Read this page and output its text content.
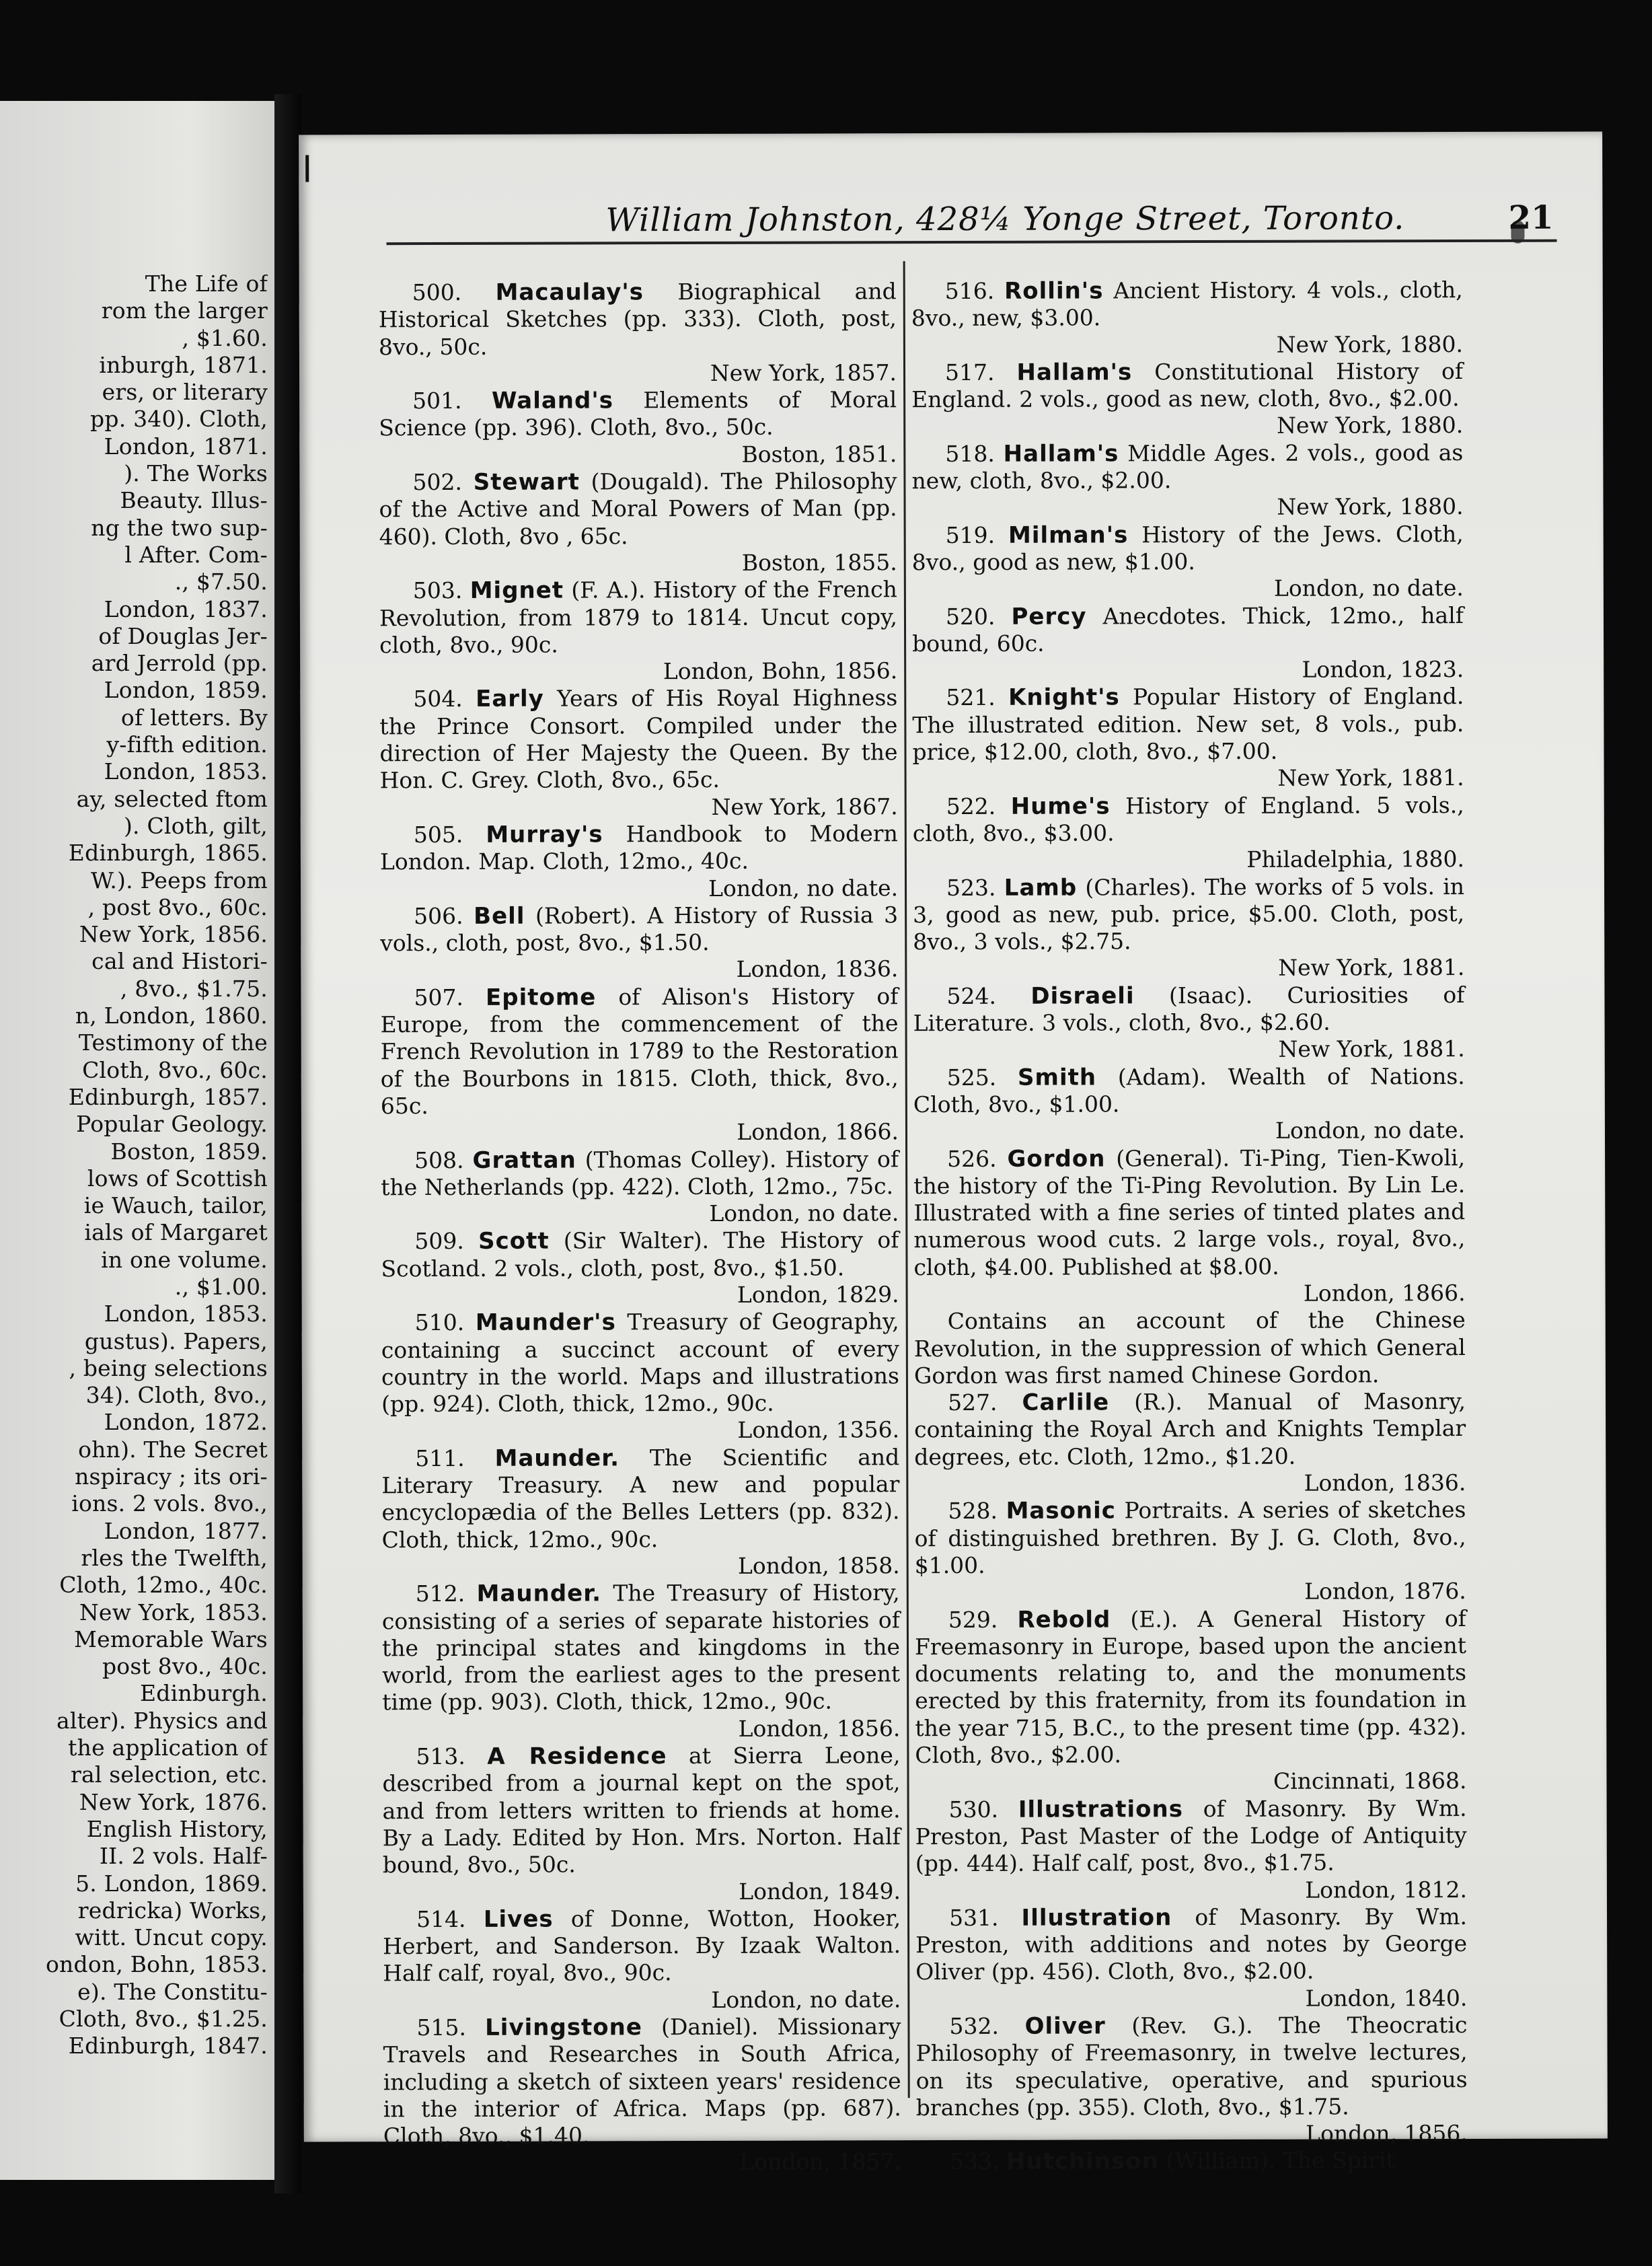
The Life of
rom the larger
, $1.60.
inburgh, 1871.
ers, or literary
pp. 340). Cloth,
London, 1871.
). The Works
Beauty. Illus-
ng the two sup-
l After. Com-
., $7.50.
London, 1837.
of Douglas Jer-
ard Jerrold (pp.
London, 1859.
of letters. By
y-fifth edition.
London, 1853.
ay, selected ftom
). Cloth, gilt,
Edinburgh, 1865.
W.). Peeps from
, post 8vo., 60c.
New York, 1856.
cal and Histori-
, 8vo., $1.75.
n, London, 1860.
Testimony of the
Cloth, 8vo., 60c.
Edinburgh, 1857.
Popular Geology.
Boston, 1859.
lows of Scottish
ie Wauch, tailor,
ials of Margaret
in one volume.
., $1.00.
London, 1853.
gustus). Papers,
, being selections
34). Cloth, 8vo.,
London, 1872.
ohn). The Secret
nspiracy ; its ori-
ions. 2 vols. 8vo.,
London, 1877.
rles the Twelfth,
Cloth, 12mo., 40c.
New York, 1853.
Memorable Wars
post 8vo., 40c.
Edinburgh.
alter). Physics and
the application of
ral selection, etc.
New York, 1876.
English History,
II. 2 vols. Half-
5. London, 1869.
redricka) Works,
witt. Uncut copy.
ondon, Bohn, 1853.
e). The Constitu-
Cloth, 8vo., $1.25.
Edinburgh, 1847.
William Johnston, 428¼ Yonge Street, Toronto.	21

500. Macaulay's Biographical and Historical Sketches (pp. 333). Cloth, post, 8vo., 50c.

New York, 1857.

501. Waland's Elements of Moral Science (pp. 396). Cloth, 8vo., 50c.

Boston, 1851.

502. Stewart (Dougald). The Philosophy of the Active and Moral Powers of Man (pp. 460). Cloth, 8vo , 65c.

Boston, 1855.

503. Mignet (F. A.). History of the French Revolution, from 1879 to 1814. Uncut copy, cloth, 8vo., 90c.

London, Bohn, 1856.

504. Early Years of His Royal Highness the Prince Consort. Compiled under the direction of Her Majesty the Queen. By the Hon. C. Grey. Cloth, 8vo., 65c.

New York, 1867.

505. Murray's Handbook to Modern London. Map. Cloth, 12mo., 40c.

London, no date.

506. Bell (Robert). A History of Russia 3 vols., cloth, post, 8vo., $1.50.

London, 1836.

507. Epitome of Alison's History of Europe, from the commencement of the French Revolution in 1789 to the Restoration of the Bourbons in 1815. Cloth, thick, 8vo., 65c.

London, 1866.

508. Grattan (Thomas Colley). History of the Netherlands (pp. 422). Cloth, 12mo., 75c.

London, no date.

509. Scott (Sir Walter). The History of Scotland. 2 vols., cloth, post, 8vo., $1.50.

London, 1829.

510. Maunder's Treasury of Geography, containing a succinct account of every country in the world. Maps and illustrations (pp. 924). Cloth, thick, 12mo., 90c.

London, 1356.

511. Maunder. The Scientific and Literary Treasury. A new and popular encyclopædia of the Belles Letters (pp. 832). Cloth, thick, 12mo., 90c.

London, 1858.

512. Maunder. The Treasury of History, consisting of a series of separate histories of the principal states and kingdoms in the world, from the earliest ages to the present time (pp. 903). Cloth, thick, 12mo., 90c.

London, 1856.

513. A Residence at Sierra Leone, described from a journal kept on the spot, and from letters written to friends at home. By a Lady. Edited by Hon. Mrs. Norton. Half bound, 8vo., 50c.

London, 1849.

514. Lives of Donne, Wotton, Hooker, Herbert, and Sanderson. By Izaak Walton. Half calf, royal, 8vo., 90c.

London, no date.

515. Livingstone (Daniel). Missionary Travels and Researches in South Africa, including a sketch of sixteen years' residence in the interior of Africa. Maps (pp. 687). Cloth, 8vo., $1.40.

London, 1857.

516. Rollin's Ancient History. 4 vols., cloth, 8vo., new, $3.00.

New York, 1880.

517. Hallam's Constitutional History of England. 2 vols., good as new, cloth, 8vo., $2.00.

New York, 1880.

518. Hallam's Middle Ages. 2 vols., good as new, cloth, 8vo., $2.00.

New York, 1880.

519. Milman's History of the Jews. Cloth, 8vo., good as new, $1.00.

London, no date.

520. Percy Anecdotes. Thick, 12mo., half bound, 60c.

London, 1823.

521. Knight's Popular History of England. The illustrated edition. New set, 8 vols., pub. price, $12.00, cloth, 8vo., $7.00.

New York, 1881.

522. Hume's History of England. 5 vols., cloth, 8vo., $3.00.

Philadelphia, 1880.

523. Lamb (Charles). The works of 5 vols. in 3, good as new, pub. price, $5.00. Cloth, post, 8vo., 3 vols., $2.75.

New York, 1881.

524. Disraeli (Isaac). Curiosities of Literature. 3 vols., cloth, 8vo., $2.60.

New York, 1881.

525. Smith (Adam). Wealth of Nations. Cloth, 8vo., $1.00.

London, no date.

526. Gordon (General). Ti-Ping, Tien-Kwoli, the history of the Ti-Ping Revolution. By Lin Le. Illustrated with a fine series of tinted plates and numerous wood cuts. 2 large vols., royal, 8vo., cloth, $4.00. Published at $8.00.

London, 1866.

Contains an account of the Chinese Revolution, in the suppression of which General Gordon was first named Chinese Gordon.

527. Carlile (R.). Manual of Masonry, containing the Royal Arch and Knights Templar degrees, etc. Cloth, 12mo., $1.20.

London, 1836.

528. Masonic Portraits. A series of sketches of distinguished brethren. By J. G. Cloth, 8vo., $1.00.

London, 1876.

529. Rebold (E.). A General History of Freemasonry in Europe, based upon the ancient documents relating to, and the monuments erected by this fraternity, from its foundation in the year 715, B.C., to the present time (pp. 432). Cloth, 8vo., $2.00.

Cincinnati, 1868.

530. Illustrations of Masonry. By Wm. Preston, Past Master of the Lodge of Antiquity (pp. 444). Half calf, post, 8vo., $1.75.

London, 1812.

531. Illustration of Masonry. By Wm. Preston, with additions and notes by George Oliver (pp. 456). Cloth, 8vo., $2.00.

London, 1840.

532. Oliver (Rev. G.). The Theocratic Philosophy of Freemasonry, in twelve lectures, on its speculative, operative, and spurious branches (pp. 355). Cloth, 8vo., $1.75.

London, 1856.

533. Hutchinson (William). The Spirit
